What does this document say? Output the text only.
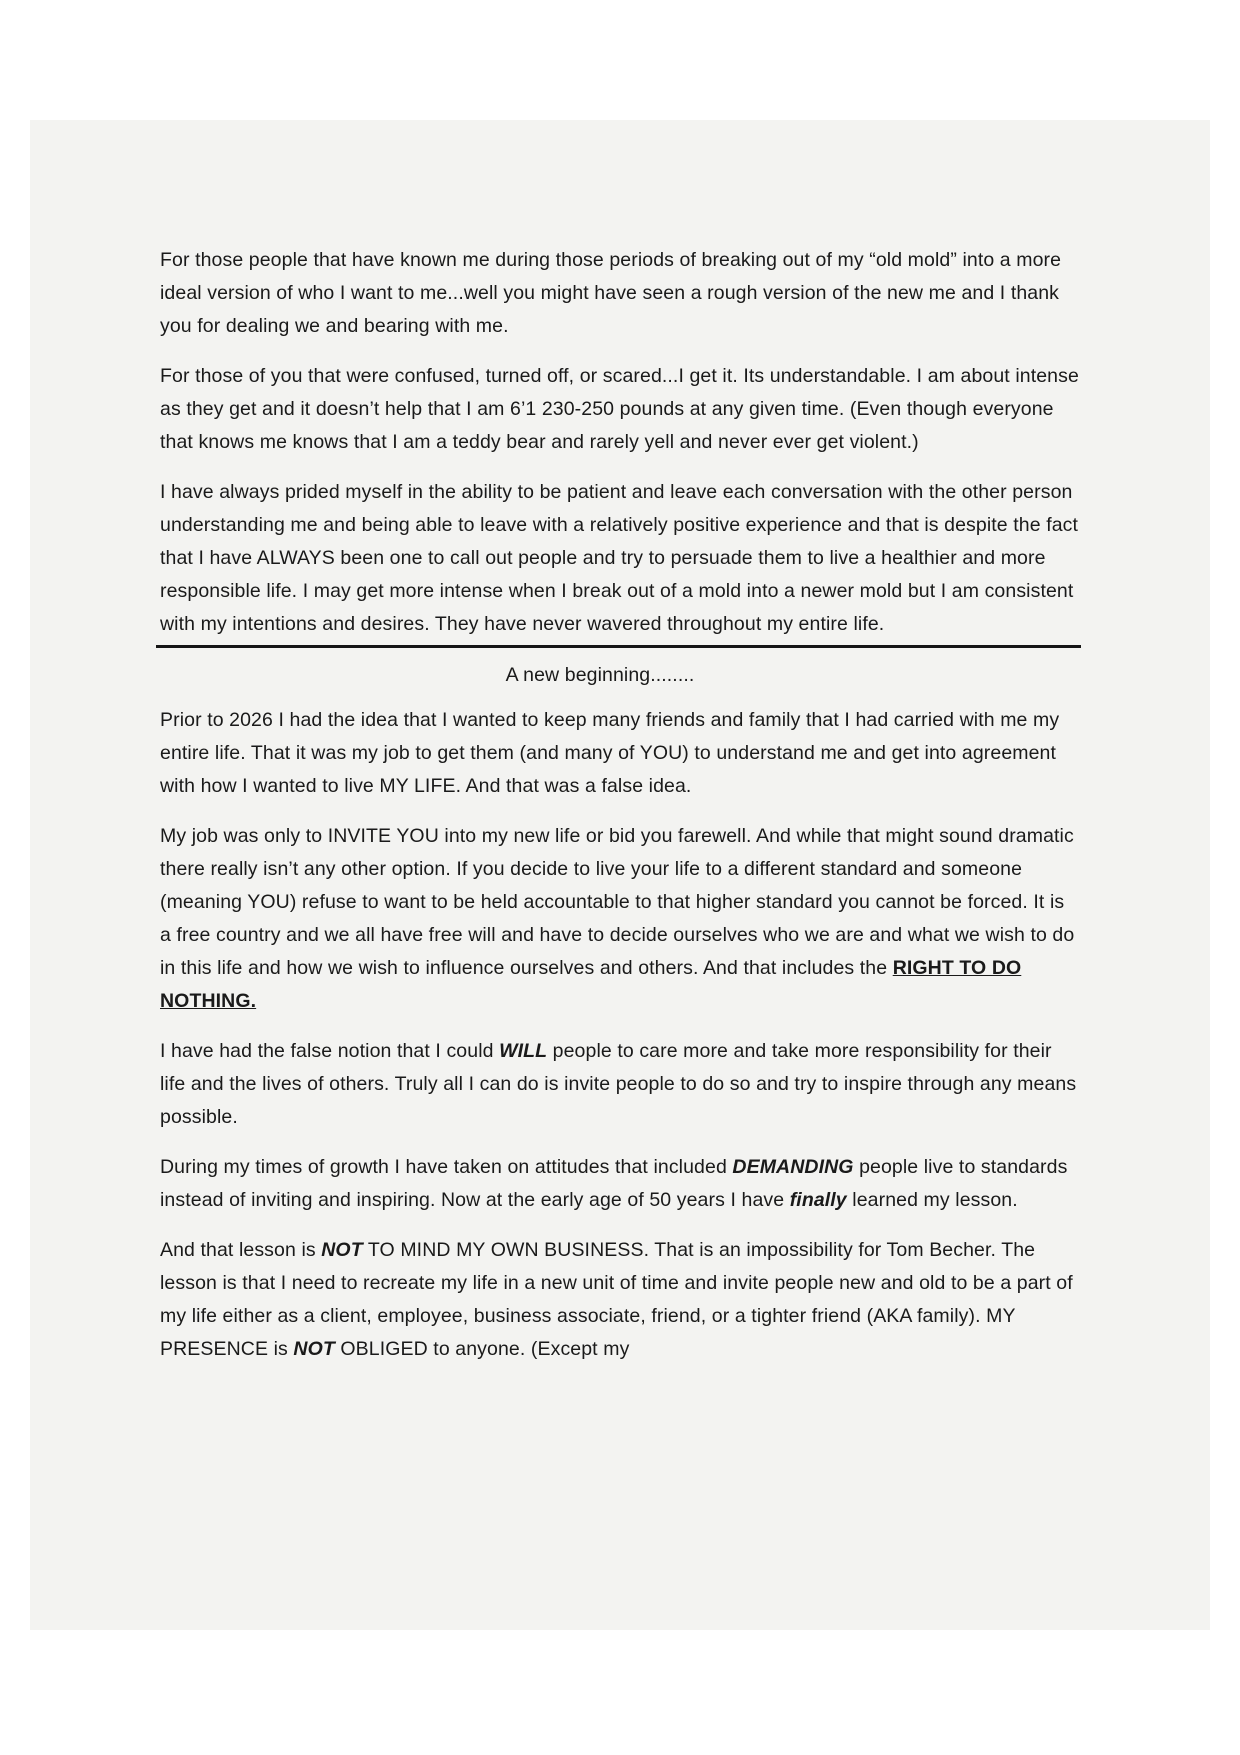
For those people that have known me during those periods of breaking out of my “old mold” into a more ideal version of who I want to me...well you might have seen a rough version of the new me and I thank you for dealing we and bearing with me.

For those of you that were confused, turned off, or scared...I get it. Its understandable. I am about intense as they get and it doesn’t help that I am 6’1 230-250 pounds at any given time. (Even though everyone that knows me knows that I am a teddy bear and rarely yell and never ever get violent.)

I have always prided myself in the ability to be patient and leave each conversation with the other person understanding me and being able to leave with a relatively positive experience and that is despite the fact that I have ALWAYS been one to call out people and try to persuade them to live a healthier and more responsible life. I may get more intense when I break out of a mold into a newer mold but I am consistent with my intentions and desires. They have never wavered throughout my entire life.

A new beginning........

Prior to 2026 I had the idea that I wanted to keep many friends and family that I had carried with me my entire life. That it was my job to get them (and many of YOU) to understand me and get into agreement with how I wanted to live MY LIFE. And that was a false idea.

My job was only to INVITE YOU into my new life or bid you farewell. And while that might sound dramatic there really isn’t any other option. If you decide to live your life to a different standard and someone (meaning YOU) refuse to want to be held accountable to that higher standard you cannot be forced. It is a free country and we all have free will and have to decide ourselves who we are and what we wish to do in this life and how we wish to influence ourselves and others. And that includes the RIGHT TO DO NOTHING.

I have had the false notion that I could WILL people to care more and take more responsibility for their life and the lives of others. Truly all I can do is invite people to do so and try to inspire through any means possible.

During my times of growth I have taken on attitudes that included DEMANDING people live to standards instead of inviting and inspiring. Now at the early age of 50 years I have finally learned my lesson.

And that lesson is NOT TO MIND MY OWN BUSINESS. That is an impossibility for Tom Becher. The lesson is that I need to recreate my life in a new unit of time and invite people new and old to be a part of my life either as a client, employee, business associate, friend, or a tighter friend (AKA family). MY PRESENCE is NOT OBLIGED to anyone. (Except my
